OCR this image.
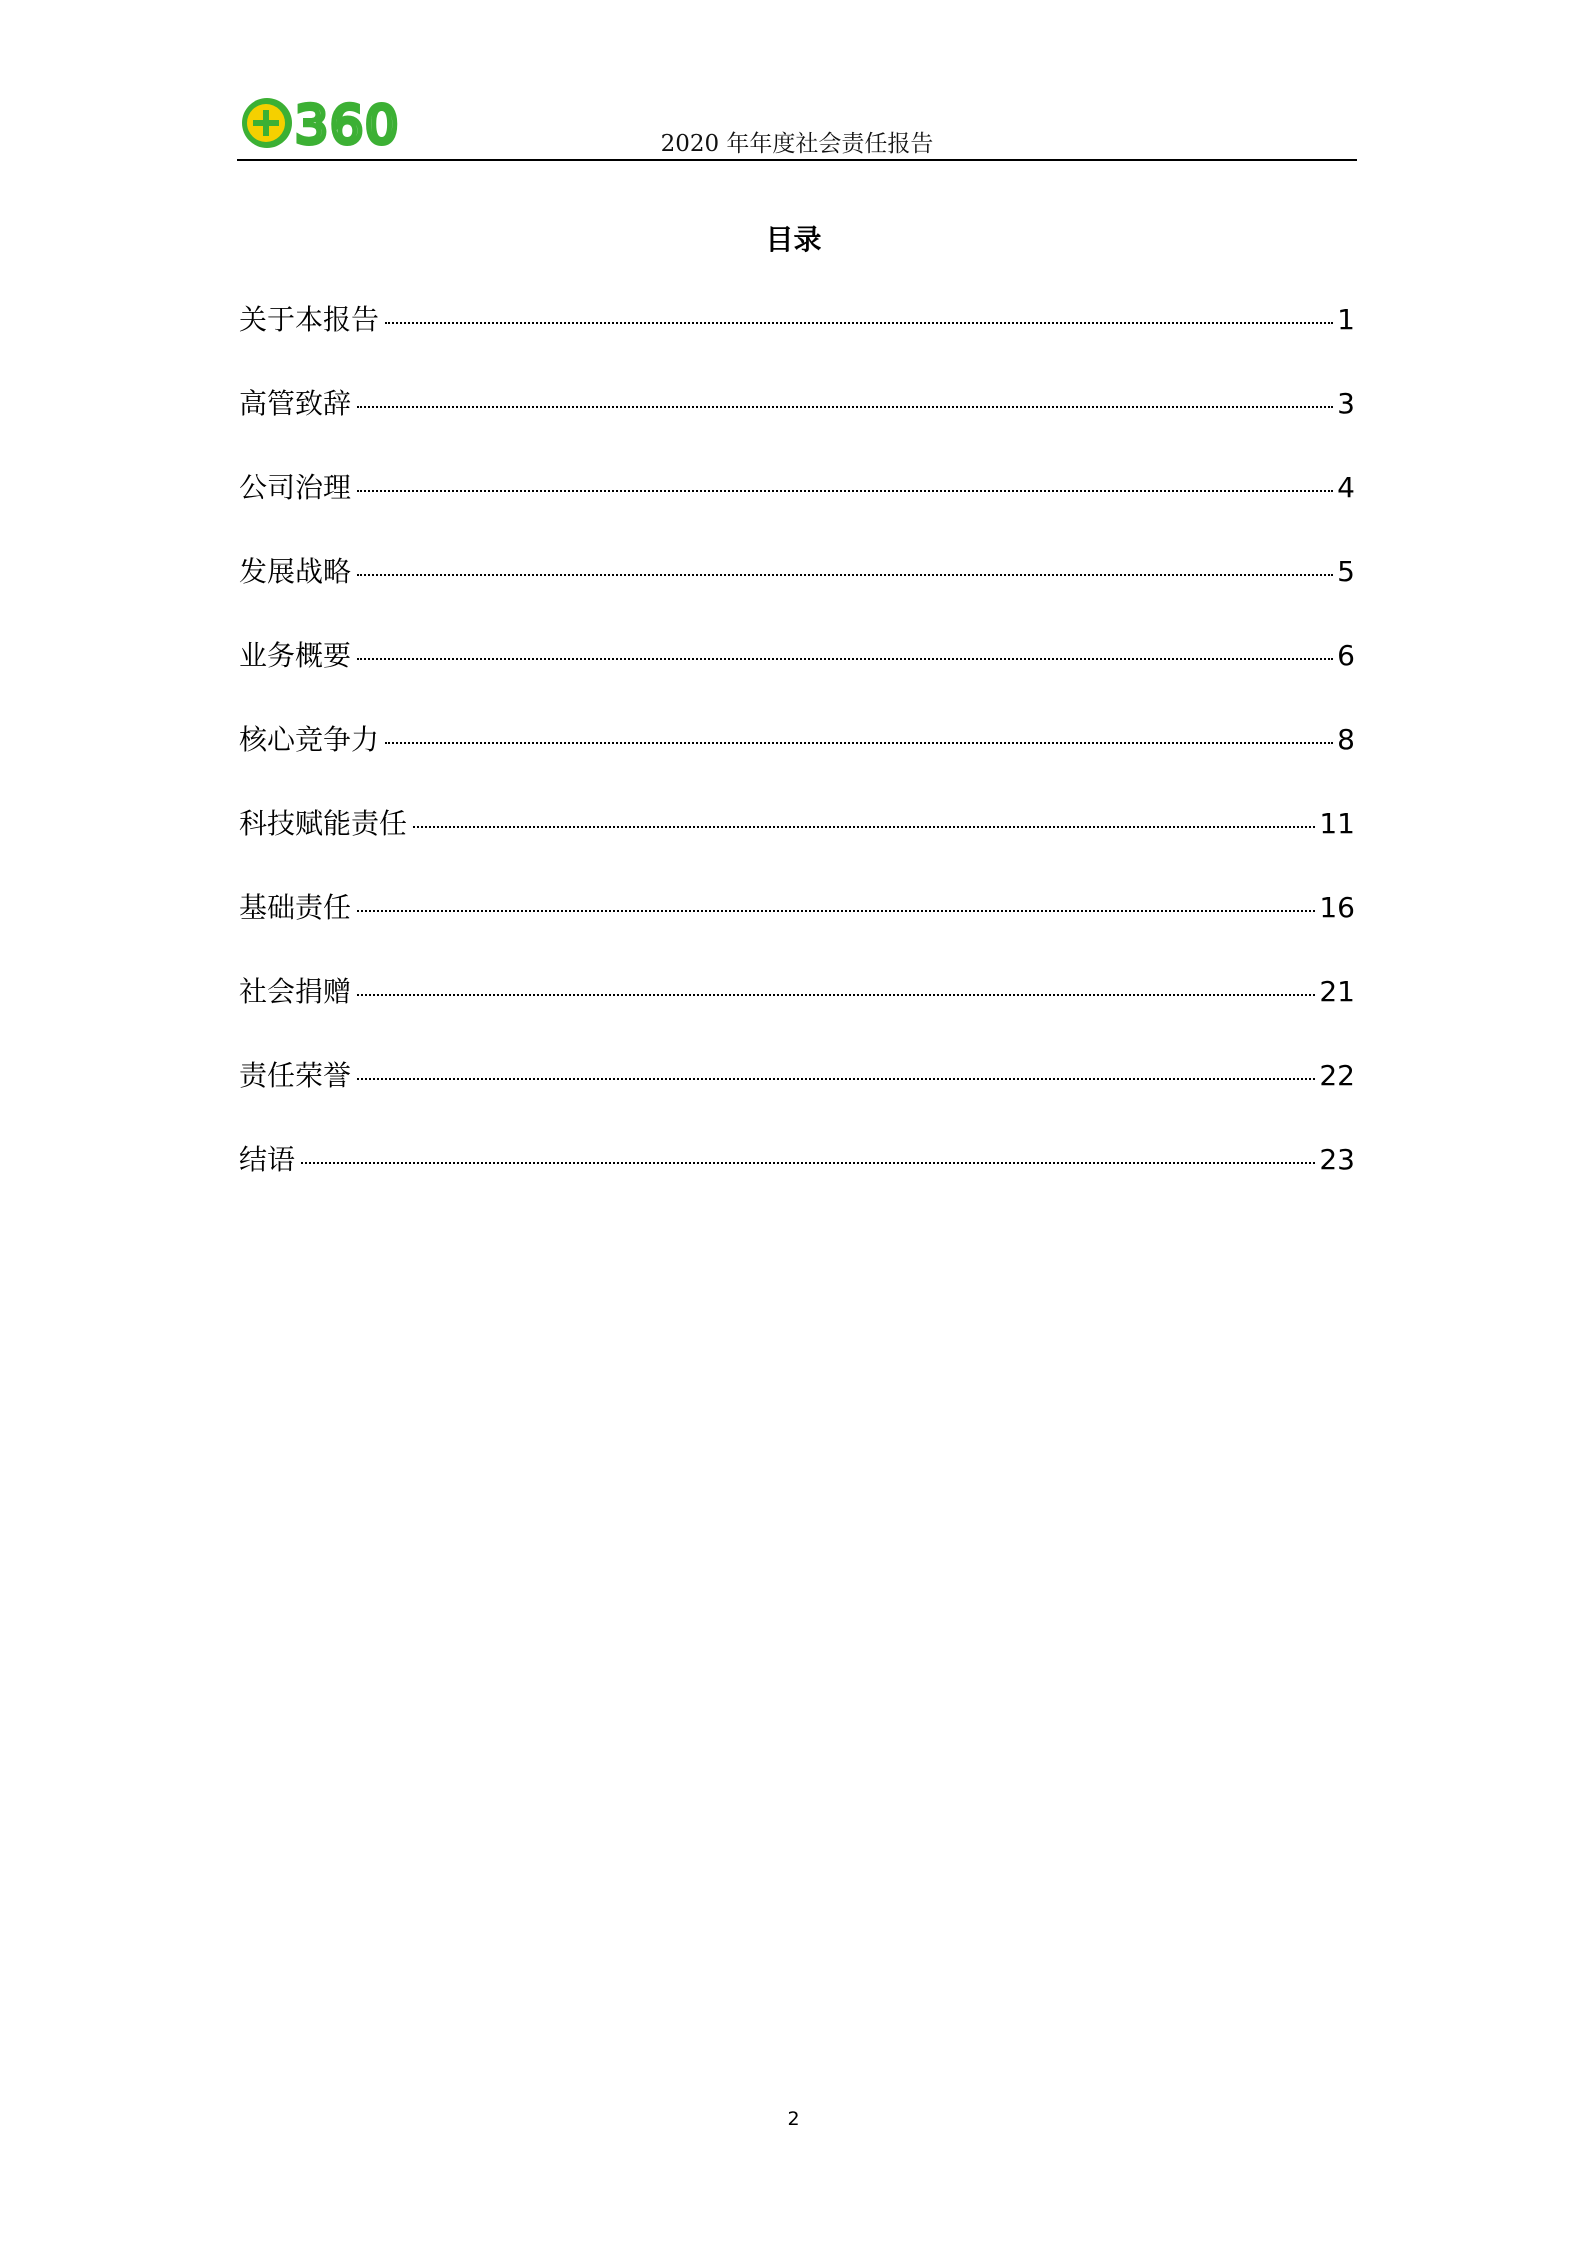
360	2020 年年度社会责任报告
目录
关于本报告	1
高管致辞	3
公司治理	4
发展战略	5
业务概要	6
核心竞争力	8
科技赋能责任	11
基础责任	16
社会捐赠	21
责任荣誉	22
结语	23
2
